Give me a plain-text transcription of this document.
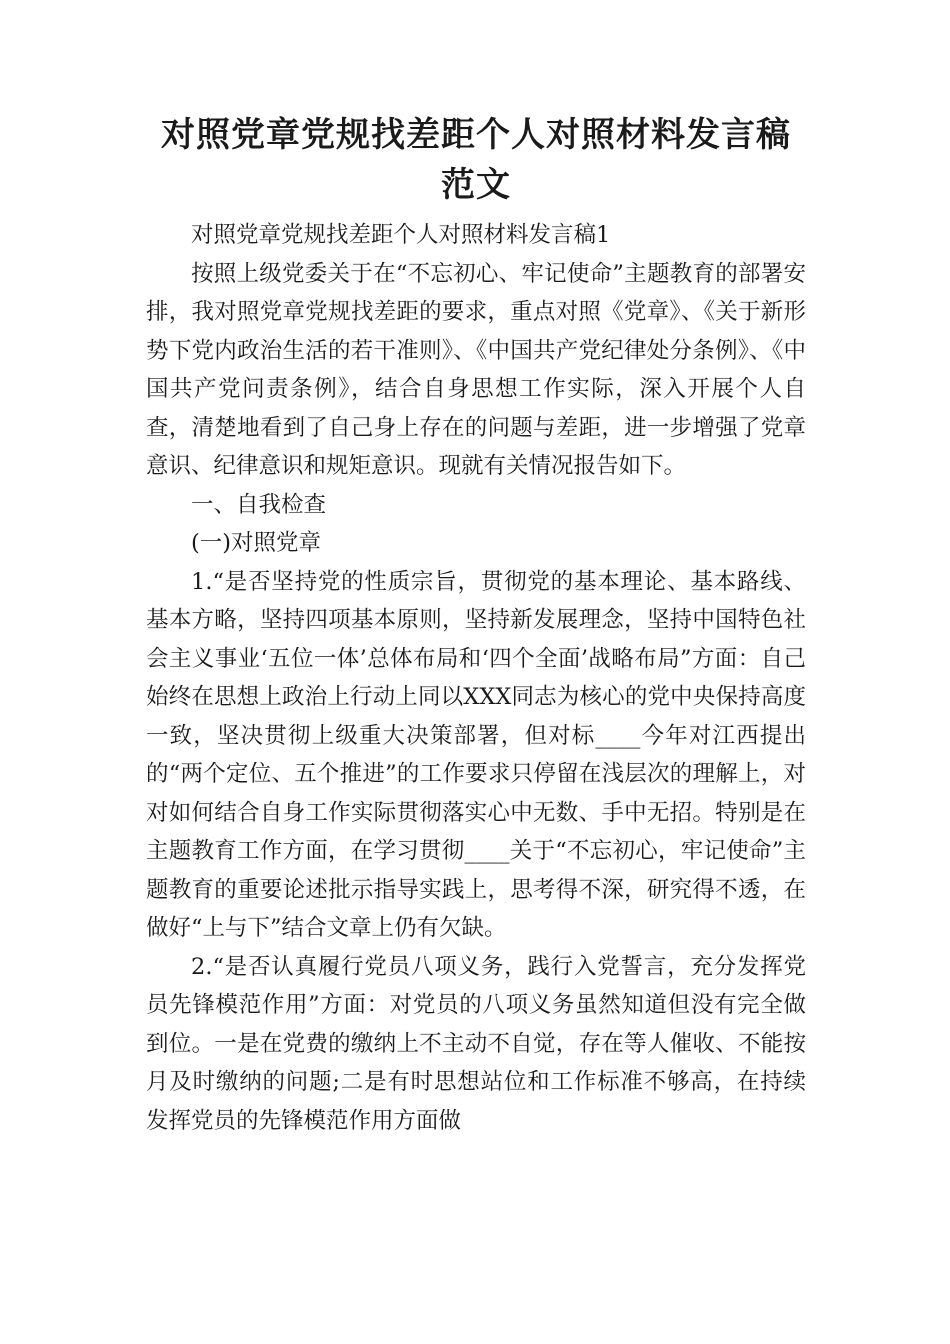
对照党章党规找差距个人对照材料发言稿范文

对照党章党规找差距个人对照材料发言稿1

按照上级党委关于在“不忘初心、牢记使命”主题教育的部署安排，我对照党章党规找差距的要求，重点对照《党章》、《关于新形势下党内政治生活的若干准则》、《中国共产党纪律处分条例》、《中国共产党问责条例》，结合自身思想工作实际，深入开展个人自查，清楚地看到了自己身上存在的问题与差距，进一步增强了党章意识、纪律意识和规矩意识。现就有关情况报告如下。

一、自我检查

(一)对照党章

1.“是否坚持党的性质宗旨，贯彻党的基本理论、基本路线、基本方略，坚持四项基本原则，坚持新发展理念，坚持中国特色社会主义事业‘五位一体’总体布局和‘四个全面’战略布局”方面：自己始终在思想上政治上行动上同以XXX同志为核心的党中央保持高度一致，坚决贯彻上级重大决策部署，但对标____今年对江西提出的“两个定位、五个推进”的工作要求只停留在浅层次的理解上，对对如何结合自身工作实际贯彻落实心中无数、手中无招。特别是在主题教育工作方面，在学习贯彻____关于“不忘初心，牢记使命”主题教育的重要论述批示指导实践上，思考得不深，研究得不透，在做好“上与下”结合文章上仍有欠缺。

2.“是否认真履行党员八项义务，践行入党誓言，充分发挥党员先锋模范作用”方面：对党员的八项义务虽然知道但没有完全做到位。一是在党费的缴纳上不主动不自觉，存在等人催收、不能按月及时缴纳的问题;二是有时思想站位和工作标准不够高，在持续发挥党员的先锋模范作用方面做
